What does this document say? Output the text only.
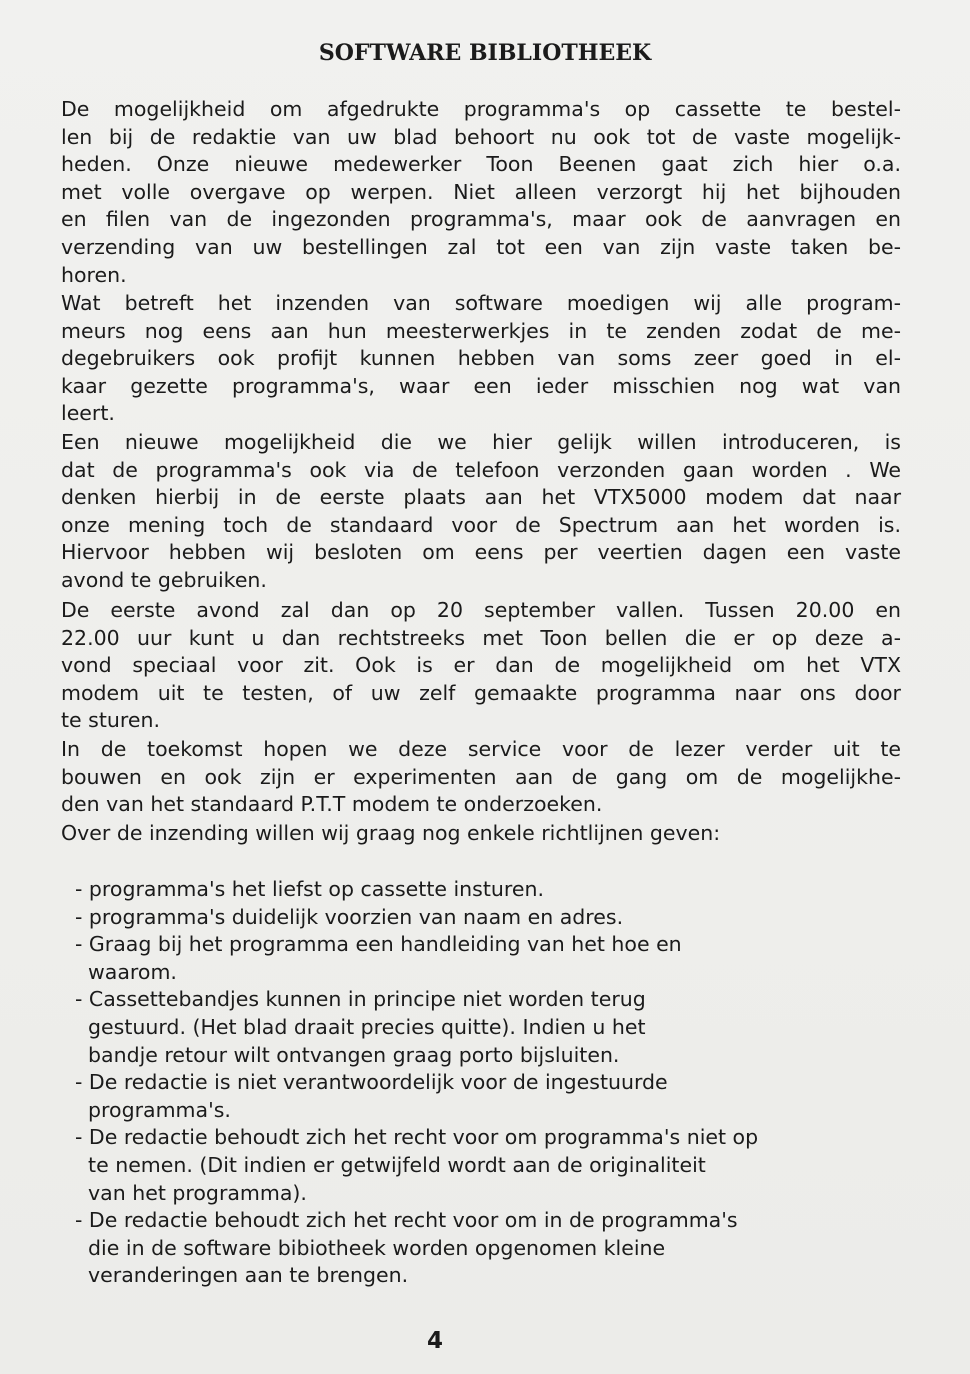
SOFTWARE BIBLIOTHEEK
De mogelijkheid om afgedrukte programma's op cassette te bestel-
len bij de redaktie van uw blad behoort nu ook tot de vaste mogelijk-
heden. Onze nieuwe medewerker Toon Beenen gaat zich hier o.a.
met volle overgave op werpen. Niet alleen verzorgt hij het bijhouden
en filen van de ingezonden programma's, maar ook de aanvragen en
verzending van uw bestellingen zal tot een van zijn vaste taken be-
horen.
Wat betreft het inzenden van software moedigen wij alle program-
meurs nog eens aan hun meesterwerkjes in te zenden zodat de me-
degebruikers ook profijt kunnen hebben van soms zeer goed in el-
kaar gezette programma's, waar een ieder misschien nog wat van
leert.
Een nieuwe mogelijkheid die we hier gelijk willen introduceren, is
dat de programma's ook via de telefoon verzonden gaan worden . We
denken hierbij in de eerste plaats aan het VTX5000 modem dat naar
onze mening toch de standaard voor de Spectrum aan het worden is.
Hiervoor hebben wij besloten om eens per veertien dagen een vaste
avond te gebruiken.
De eerste avond zal dan op 20 september vallen. Tussen 20.00 en
22.00 uur kunt u dan rechtstreeks met Toon bellen die er op deze a-
vond speciaal voor zit. Ook is er dan de mogelijkheid om het VTX
modem uit te testen, of uw zelf gemaakte programma naar ons door
te sturen.
In de toekomst hopen we deze service voor de lezer verder uit te
bouwen en ook zijn er experimenten aan de gang om de mogelijkhe-
den van het standaard P.T.T modem te onderzoeken.
Over de inzending willen wij graag nog enkele richtlijnen geven:
- programma's het liefst op cassette insturen.
- programma's duidelijk voorzien van naam en adres.
- Graag bij het programma een handleiding van het hoe en
waarom.
- Cassettebandjes kunnen in principe niet worden terug
gestuurd. (Het blad draait precies quitte). Indien u het
bandje retour wilt ontvangen graag porto bijsluiten.
- De redactie is niet verantwoordelijk voor de ingestuurde
programma's.
- De redactie behoudt zich het recht voor om programma's niet op
te nemen. (Dit indien er getwijfeld wordt aan de originaliteit
van het programma).
- De redactie behoudt zich het recht voor om in de programma's
die in de software bibiotheek worden opgenomen kleine
veranderingen aan te brengen.
4
